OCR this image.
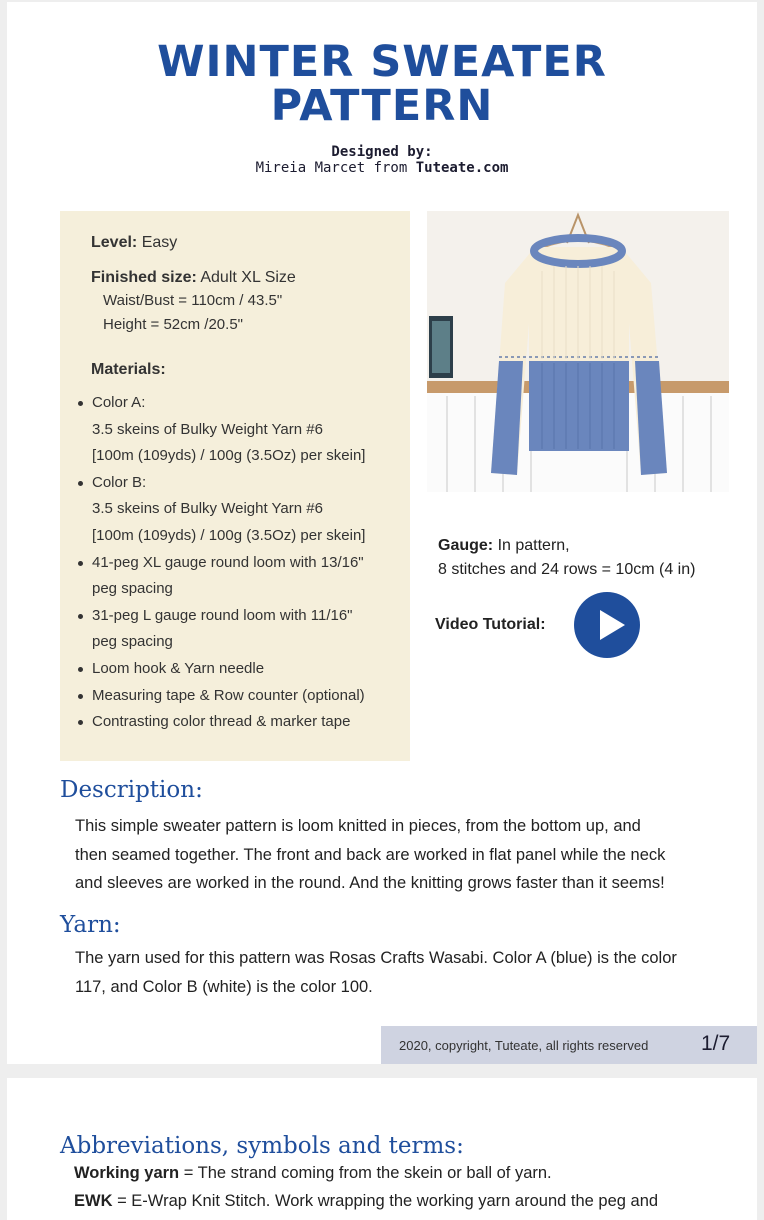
WINTER SWEATER
PATTERN
Designed by:
Mireia Marcet from Tuteate.com
Level: Easy
Finished size: Adult XL Size
Waist/Bust = 110cm / 43.5"
Height = 52cm /20.5"
Materials:
Color A:
3.5 skeins of Bulky Weight Yarn #6
[100m (109yds) / 100g (3.5Oz) per skein]
Color B:
3.5 skeins of Bulky Weight Yarn #6
[100m (109yds) / 100g (3.5Oz) per skein]
41-peg XL gauge round loom with 13/16"
peg spacing
31-peg L gauge round loom with 11/16"
peg spacing
Loom hook & Yarn needle
Measuring tape & Row counter (optional)
Contrasting color thread & marker tape
Gauge: In pattern,
8 stitches and 24 rows = 10cm (4 in)
Video Tutorial:
Description:
This simple sweater pattern is loom knitted in pieces, from the bottom up, and
then seamed together. The front and back are worked in flat panel while the neck
and sleeves are worked in the round. And the knitting grows faster than it seems!
Yarn:
The yarn used for this pattern was Rosas Crafts Wasabi. Color A (blue) is the color
117, and Color B (white) is the color 100.
2020, copyright, Tuteate, all rights reserved	1/7
Abbreviations, symbols and terms:
Working yarn = The strand coming from the skein or ball of yarn.
EWK = E-Wrap Knit Stitch. Work wrapping the working yarn around the peg and
